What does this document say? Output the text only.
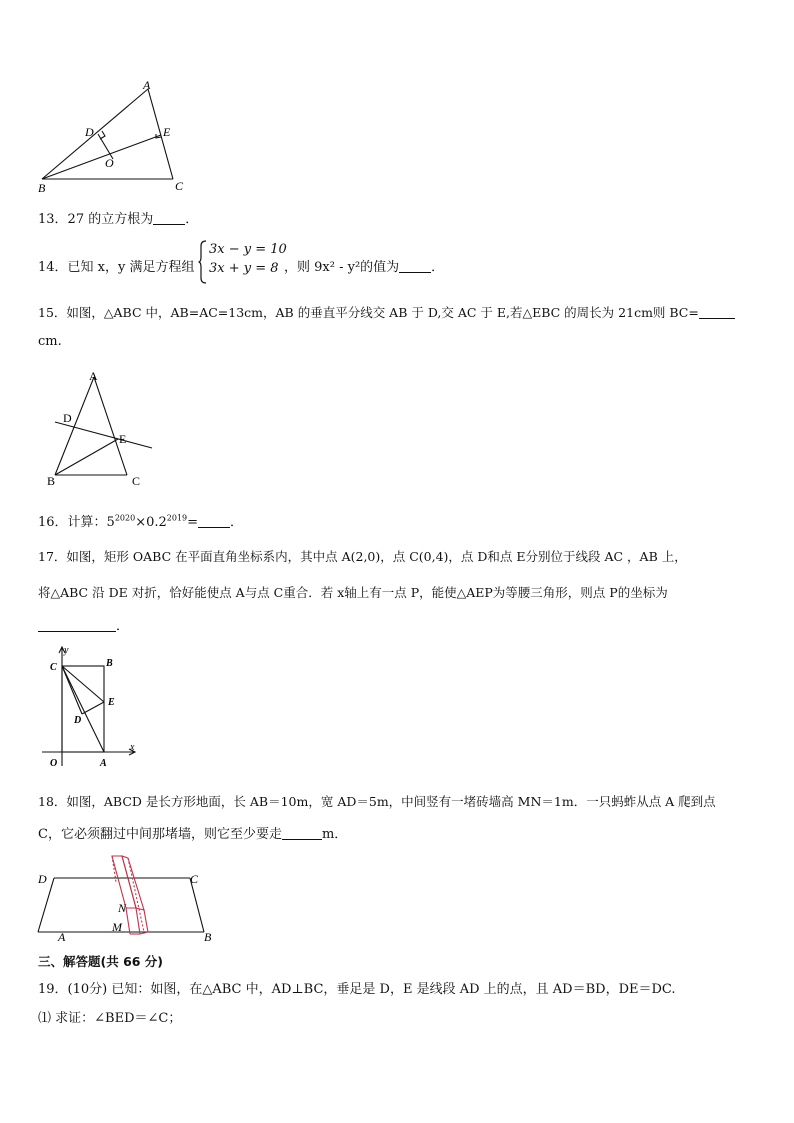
A
D	E
O
B	C
13．27 的立方根为 ．
14．已知 x，y 满足方程组
3x − y = 10
3x + y = 8 ，则 9x² - y²的值为 ．
15．如图，△ABC 中，AB=AC=13cm，AB 的垂直平分线交 AB 于 D,交 AC 于 E,若△EBC 的周长为 21cm则 BC=
cm.
A
D
E
B	C
16．计算：$5^{2020}\times 0.2^{2019}=$ ．
17．如图，矩形 OABC 在平面直角坐标系内，其中点 A(2,0)，点 C(0,4)，点 D和点 E分别位于线段 AC ，AB 上，
将△ABC 沿 DE 对折，恰好能使点 A与点 C重合．若 x轴上有一点 P，能使△AEP为等腰三角形，则点 P的坐标为
．
y
x
C	B
E
D
O	A
18．如图，ABCD 是长方形地面，长 AB＝10m，宽 AD＝5m，中间竖有一堵砖墙高 MN＝1m．一只蚂蚱从点 A 爬到点
C，它必须翻过中间那堵墙，则它至少要走	m．
D	C
A	B
N
M
三、解答题(共 66 分)
19．(10分) 已知：如图，在△ABC 中，AD⊥BC，垂足是 D，E 是线段 AD 上的点，且 AD＝BD，DE＝DC.
⑴ 求证：∠BED＝∠C；
